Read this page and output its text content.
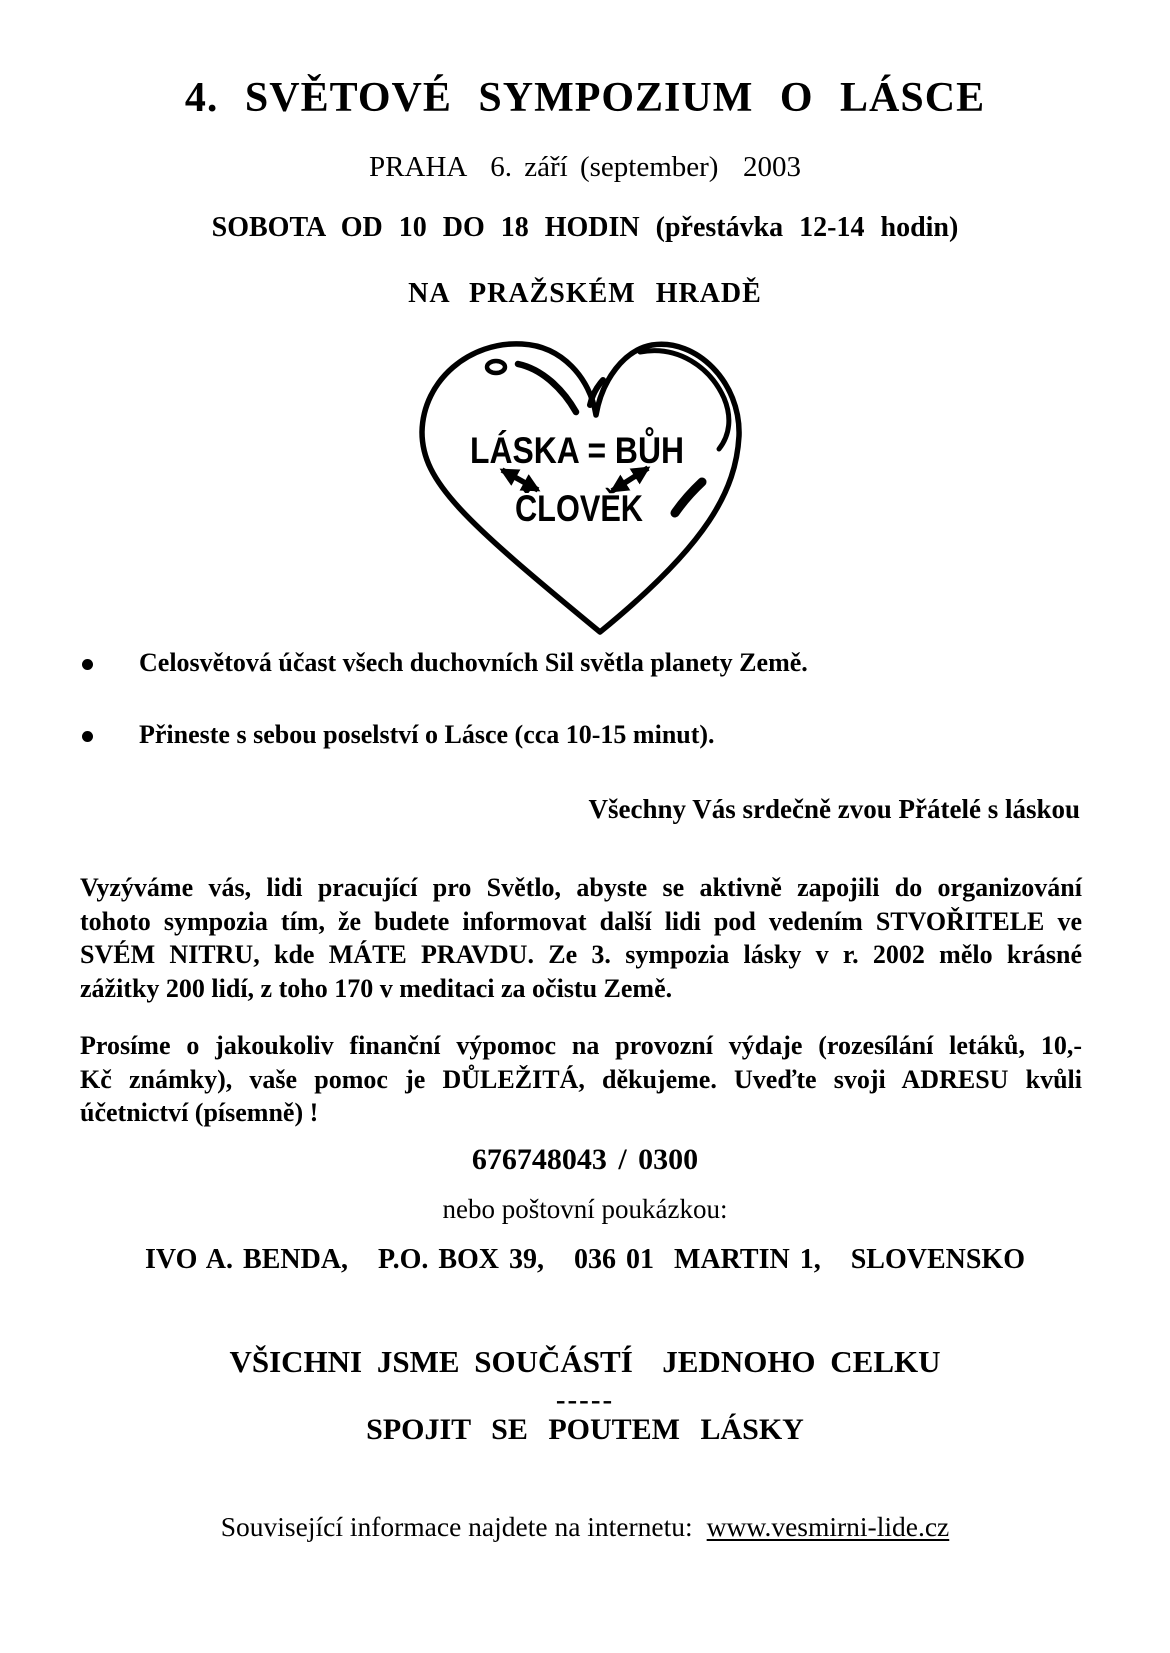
4. SVĚTOVÉ SYMPOZIUM O LÁSCE
PRAHA  6. září (september)  2003
SOBOTA OD 10 DO 18 HODIN (přestávka 12-14 hodin)
NA PRAŽSKÉM HRADĚ
LÁSKA = BŮH
ČLOVĚK
Celosvětová účast všech duchovních Sil světla planety Země.
Přineste s sebou poselství o Lásce (cca 10-15 minut).
Všechny Vás srdečně zvou Přátelé s láskou
Vyzýváme vás, lidi pracující pro Světlo, abyste se aktivně zapojili do organizování
tohoto sympozia tím, že budete informovat další lidi pod vedením STVOŘITELE ve
SVÉM NITRU, kde MÁTE PRAVDU. Ze 3. sympozia lásky v r. 2002 mělo krásné
zážitky 200 lidí, z toho 170 v meditaci za očistu Země.
Prosíme o jakoukoliv finanční výpomoc na provozní výdaje (rozesílání letáků, 10,-
Kč známky), vaše pomoc je DŮLEŽITÁ, děkujeme. Uveďte svoji ADRESU kvůli
účetnictví (písemně) !
676748043 / 0300
nebo poštovní poukázkou:
IVO A. BENDA,   P.O. BOX 39,   036 01  MARTIN 1,   SLOVENSKO
VŠICHNI JSME SOUČÁSTÍ  JEDNOHO CELKU
-----
SPOJIT SE POUTEM LÁSKY
Související informace najdete na internetu: www.vesmirni-lide.cz
